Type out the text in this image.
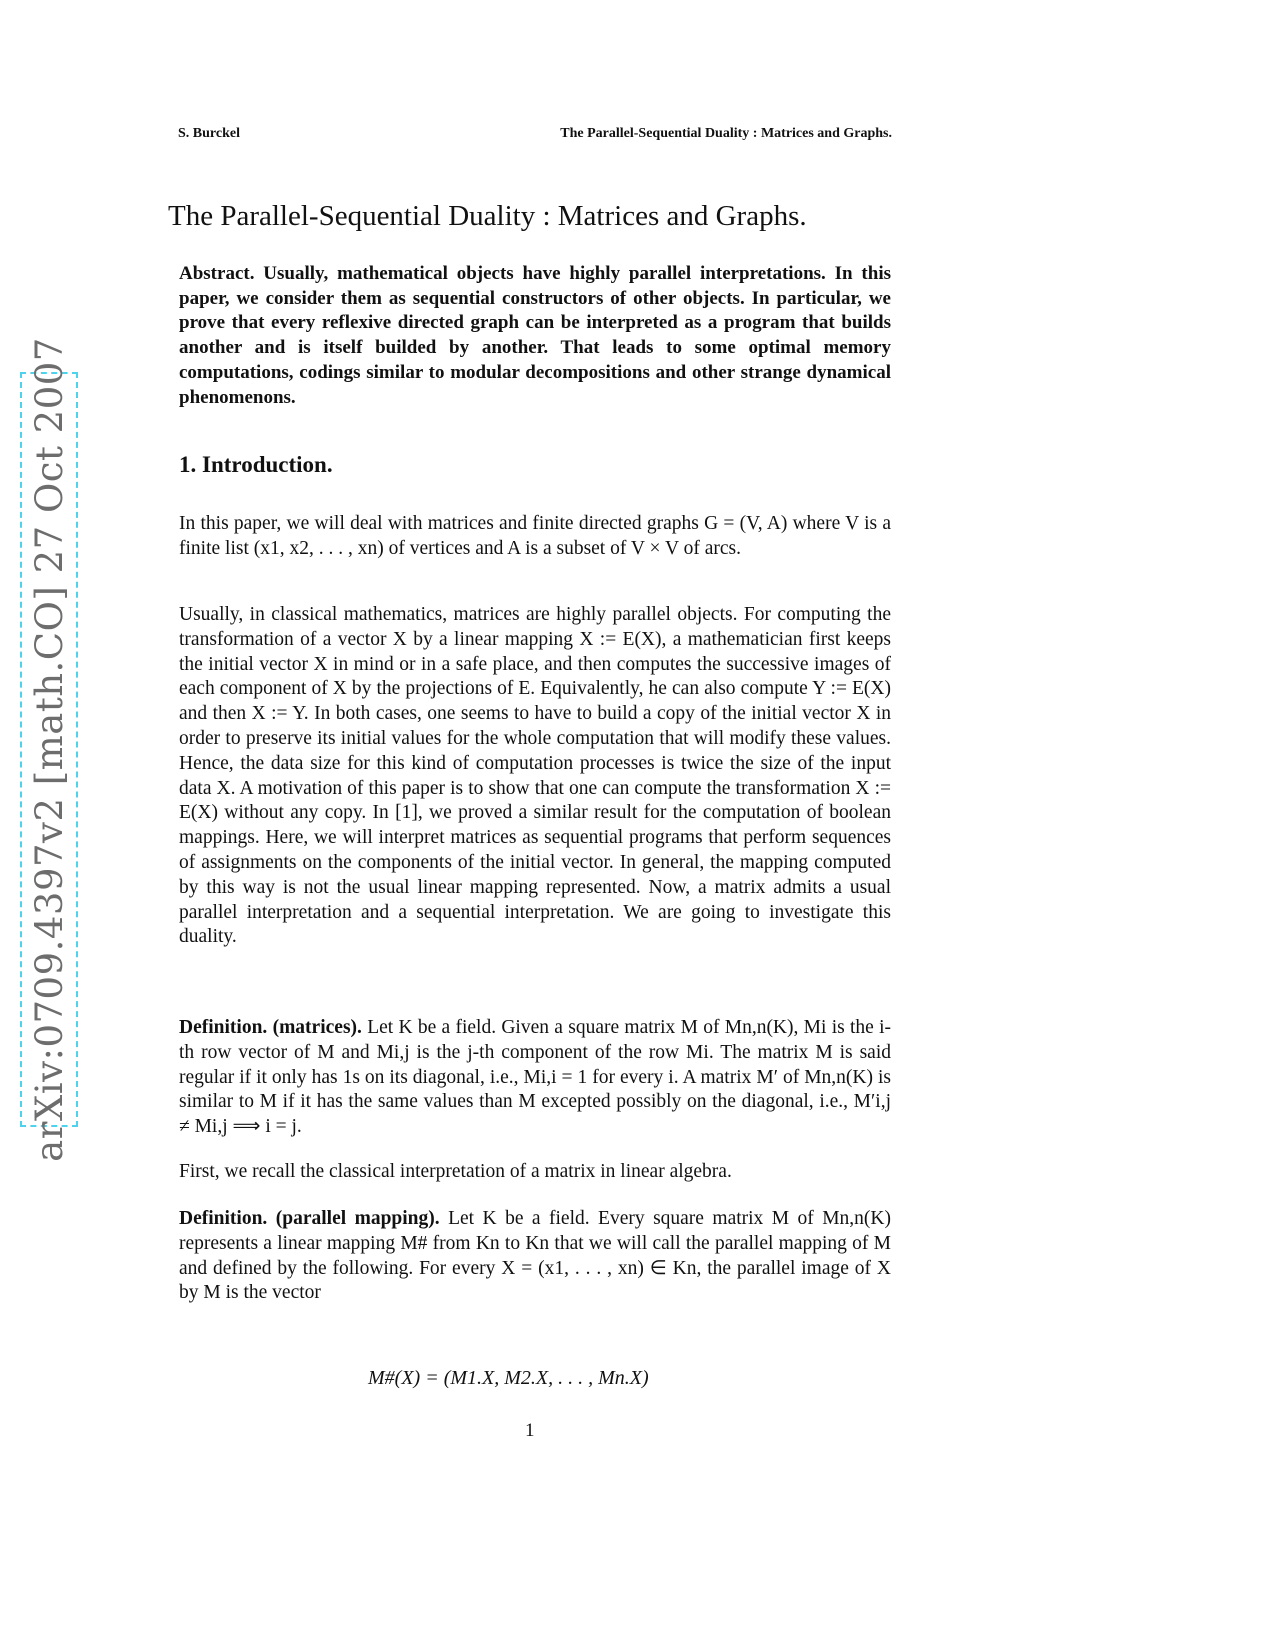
arXiv:0709.4397v2 [math.CO] 27 Oct 2007
S. Burckel	The Parallel-Sequential Duality : Matrices and Graphs.
The Parallel-Sequential Duality : Matrices and Graphs.

Abstract. Usually, mathematical objects have highly parallel interpretations. In this paper, we consider them as sequential constructors of other objects. In particular, we prove that every reflexive directed graph can be interpreted as a program that builds another and is itself builded by another. That leads to some optimal memory computations, codings similar to modular decompositions and other strange dynamical phenomenons.

1. Introduction.

In this paper, we will deal with matrices and finite directed graphs G = (V, A) where V is a finite list (x1, x2, . . . , xn) of vertices and A is a subset of V × V of arcs.

Usually, in classical mathematics, matrices are highly parallel objects. For computing the transformation of a vector X by a linear mapping X := E(X), a mathematician first keeps the initial vector X in mind or in a safe place, and then computes the successive images of each component of X by the projections of E. Equivalently, he can also compute Y := E(X) and then X := Y. In both cases, one seems to have to build a copy of the initial vector X in order to preserve its initial values for the whole computation that will modify these values. Hence, the data size for this kind of computation processes is twice the size of the input data X. A motivation of this paper is to show that one can compute the transformation X := E(X) without any copy. In [1], we proved a similar result for the computation of boolean mappings. Here, we will interpret matrices as sequential programs that perform sequences of assignments on the components of the initial vector. In general, the mapping computed by this way is not the usual linear mapping represented. Now, a matrix admits a usual parallel interpretation and a sequential interpretation. We are going to investigate this duality.

Definition. (matrices). Let K be a field. Given a square matrix M of Mn,n(K), Mi is the i-th row vector of M and Mi,j is the j-th component of the row Mi. The matrix M is said regular if it only has 1s on its diagonal, i.e., Mi,i = 1 for every i. A matrix M′ of Mn,n(K) is similar to M if it has the same values than M excepted possibly on the diagonal, i.e., M′i,j ≠ Mi,j ⟹ i = j.

First, we recall the classical interpretation of a matrix in linear algebra.

Definition. (parallel mapping). Let K be a field. Every square matrix M of Mn,n(K) represents a linear mapping M# from Kn to Kn that we will call the parallel mapping of M and defined by the following. For every X = (x1, . . . , xn) ∈ Kn, the parallel image of X by M is the vector

M#(X) = (M1.X, M2.X, . . . , Mn.X)
1
